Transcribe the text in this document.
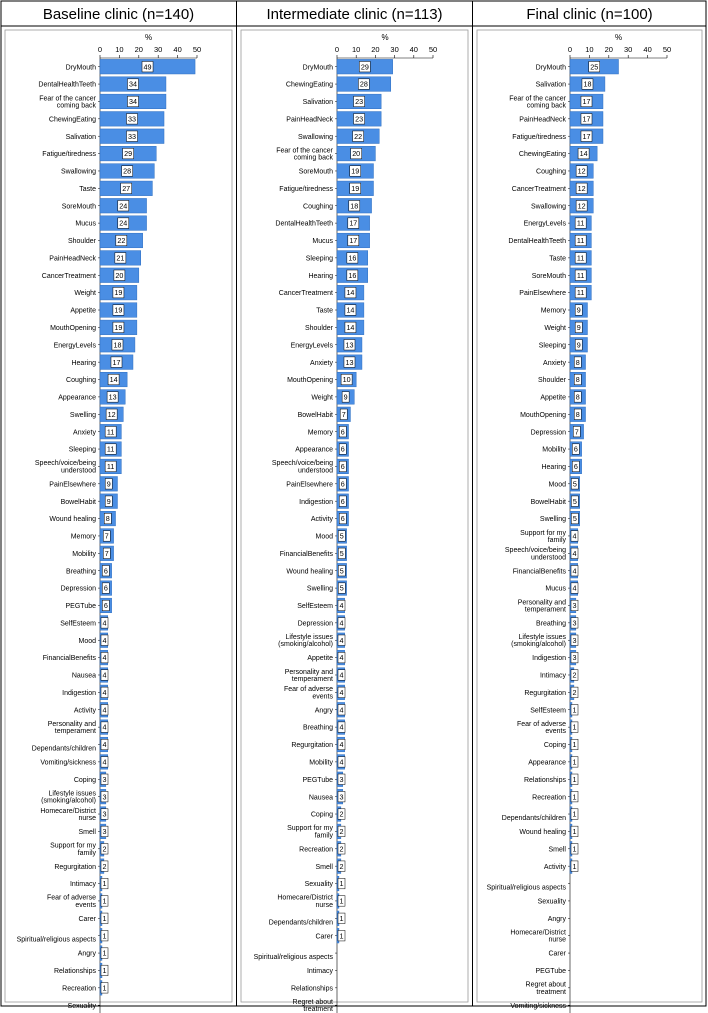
Baseline clinic (n=140)
%
0 10 20 30 40 50
DryMouth	49
DentalHealthTeeth	34
Fear of the cancer coming back	34
ChewingEating	33
Salivation	33
Fatigue/tiredness	29
Swallowing	28
Taste	27
SoreMouth	24
Mucus	24
Shoulder	22
PainHeadNeck	21
CancerTreatment	20
Weight	19
Appetite	19
MouthOpening	19
EnergyLevels 18
Hearing 17
Coughing 14
Appearance 13
Swelling 12
Anxiety 11
Sleeping 11
Speech/voice/being understood 11
PainElsewhere 9
BowelHabit 9
Wound healing 8
Memory 7
Mobility 7
Breathing 6
Depression 6
PEGTube 6
SelfEsteem 4
Mood 4
FinancialBenefits 4
Nausea 4
Indigestion 4
Activity 4
Personality and temperament 4
Dependants/children 4
Vomiting/sickness 4
Coping 3
Lifestyle issues (smoking/alcohol) 3
Homecare/District nurse 3
Smell 3
Support for my family 2
Regurgitation 2
Intimacy 1
Fear of adverse events 1
Carer 1
Spiritual/religious aspects 1
Angry 1
Relationships 1
Recreation 1
Sexuality
Intermediate clinic (n=113)
%
0 10 20 30 40 50
DryMouth	29
ChewingEating	28
Salivation	23
PainHeadNeck	23
Swallowing	22
Fear of the cancer coming back	20
SoreMouth	19
Fatigue/tiredness	19
Coughing 18
DentalHealthTeeth 17
Mucus 17
Sleeping 16
Hearing 16
CancerTreatment 14
Taste 14
Shoulder 14
EnergyLevels 13
Anxiety 13
MouthOpening 10
Weight 9
BowelHabit 7
Memory 6
Appearance 6
Speech/voice/being understood 6
PainElsewhere 6
Indigestion 6
Activity 6
Mood 5
FinancialBenefits 5
Wound healing 5
Swelling 5
SelfEsteem 4
Depression 4
Lifestyle issues (smoking/alcohol) 4
Appetite 4
Personality and temperament 4
Fear of adverse events 4
Angry 4
Breathing 4
Regurgitation 4
Mobility 4
PEGTube 3
Nausea 3
Coping 2
Support for my family 2
Recreation 2
Smell 2
Sexuality 1
Homecare/District nurse 1
Dependants/children 1
Carer 1
Spiritual/religious aspects
Intimacy
Relationships
Regret about treatment
Final clinic (n=100)
%
0 10 20 30 40 50
DryMouth	25
Salivation 18
Fear of the cancer coming back 17
PainHeadNeck 17
Fatigue/tiredness 17
ChewingEating 14
Coughing 12
CancerTreatment 12
Swallowing 12
EnergyLevels 11
DentalHealthTeeth 11
Taste 11
SoreMouth 11
PainElsewhere 11
Memory 9
Weight 9
Sleeping 9
Anxiety 8
Shoulder 8
Appetite 8
MouthOpening 8
Depression 7
Mobility 6
Hearing 6
Mood 5
BowelHabit 5
Swelling 5
Support for my family 4
Speech/voice/being understood 4
FinancialBenefits 4
Mucus 4
Personality and temperament 3
Breathing 3
Lifestyle issues (smoking/alcohol) 3
Indigestion 3
Intimacy 2
Regurgitation 2
SelfEsteem 1
Fear of adverse events 1
Coping 1
Appearance 1
Relationships 1
Recreation 1
Dependants/children 1
Wound healing 1
Smell 1
Activity 1
Spiritual/religious aspects
Sexuality
Angry
Homecare/District nurse
Carer
PEGTube
Regret about treatment
Vomiting/sickness
